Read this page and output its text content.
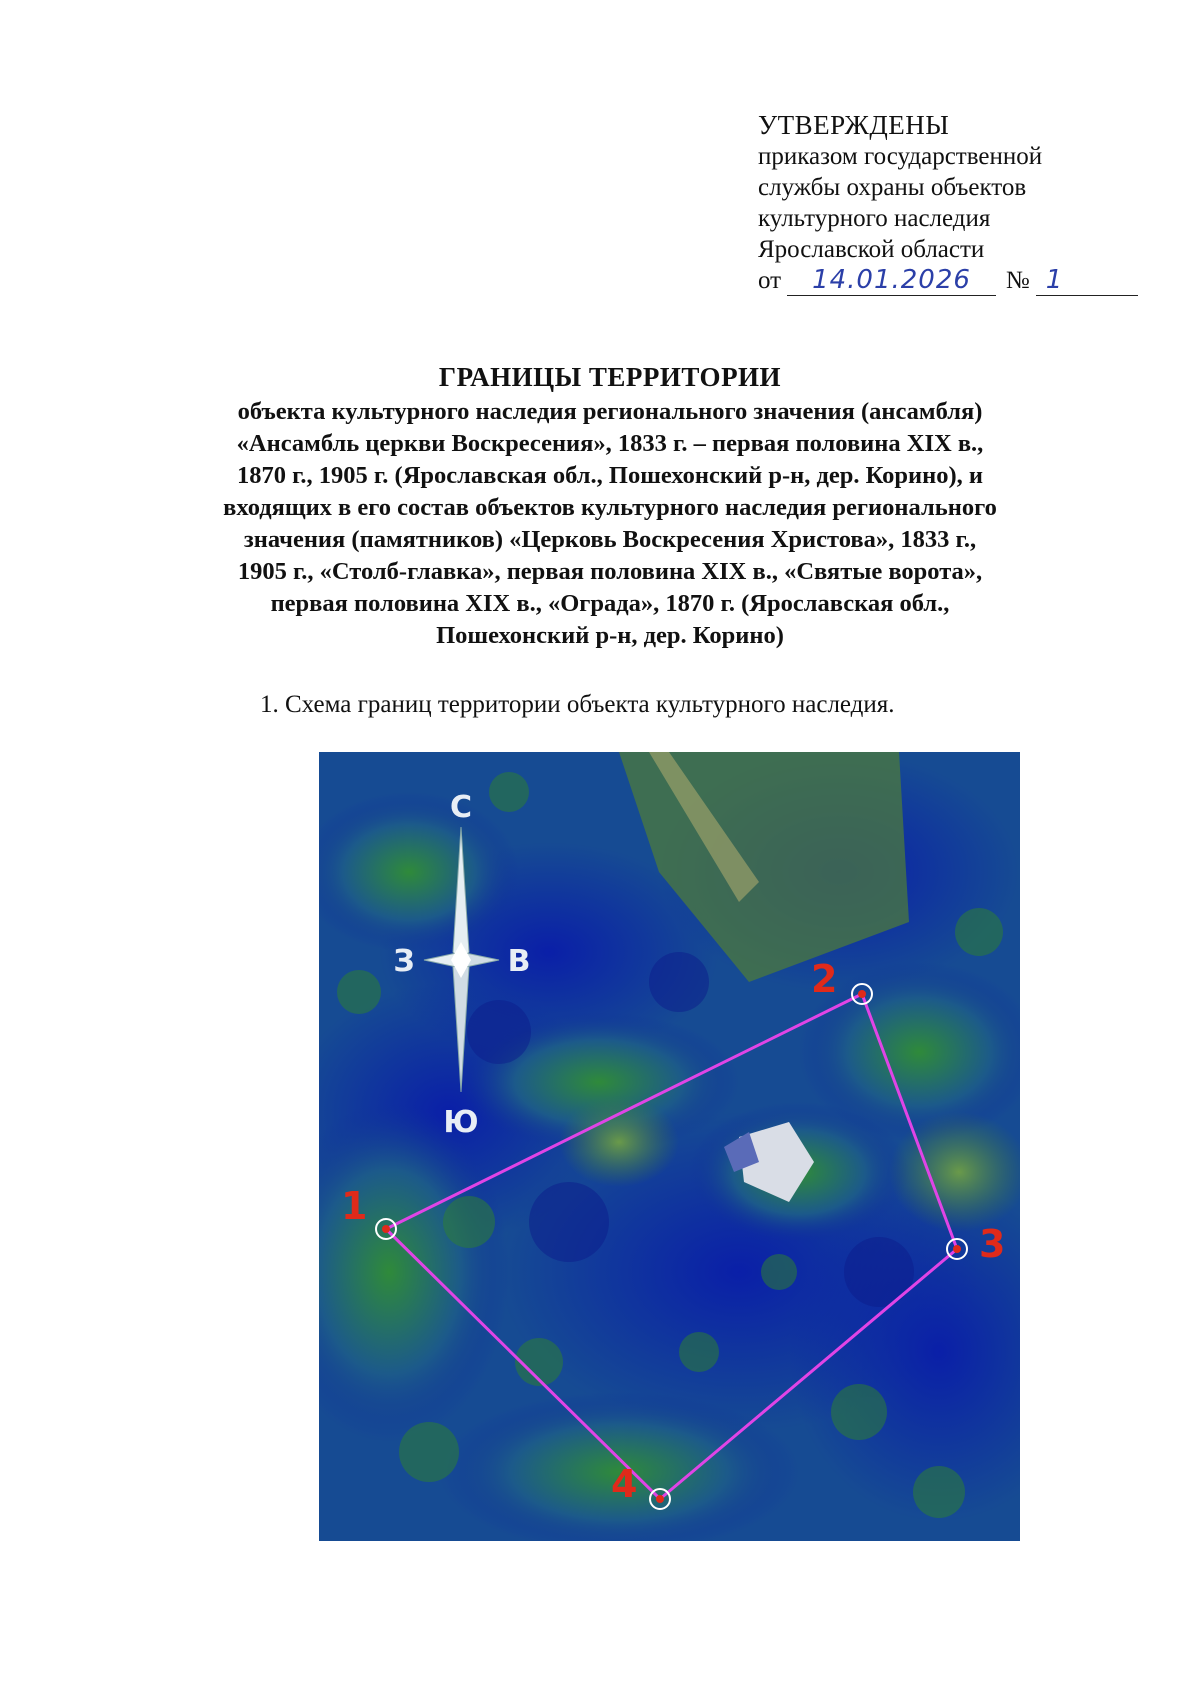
УТВЕРЖДЕНЫ
приказом государственной
службы охраны объектов
культурного наследия
Ярославской области
от	14.01.2026	№ 1
ГРАНИЦЫ ТЕРРИТОРИИ
объекта культурного наследия регионального значения (ансамбля)
«Ансамбль церкви Воскресения», 1833 г. – первая половина XIX в.,
1870 г., 1905 г. (Ярославская обл., Пошехонский р-н, дер. Корино), и
входящих в его состав объектов культурного наследия регионального
значения (памятников) «Церковь Воскресения Христова», 1833 г.,
1905 г., «Столб-главка», первая половина XIX в., «Святые ворота»,
первая половина XIX в., «Ограда», 1870 г. (Ярославская обл.,
Пошехонский р-н, дер. Корино)
1. Схема границ территории объекта культурного наследия.
С
Ю
З	В
1
2
3
4
